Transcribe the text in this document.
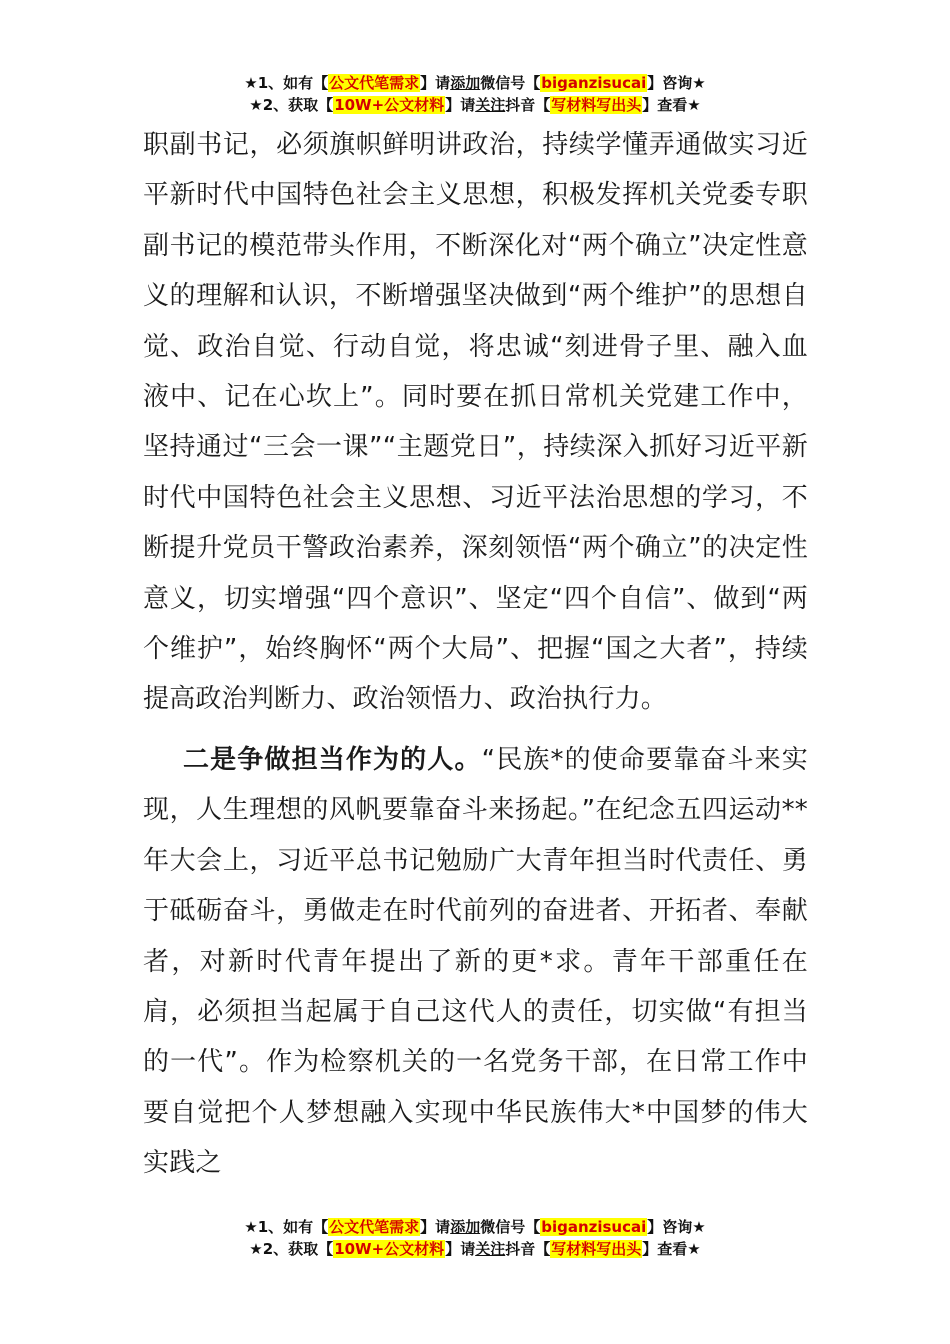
★1、如有【公文代笔需求】请添加微信号【biganzisucai】咨询★
★2、获取【10W+公文材料】请关注抖音【写材料写出头】查看★

职副书记，必须旗帜鲜明讲政治，持续学懂弄通做实习近平新时代中国特色社会主义思想，积极发挥机关党委专职副书记的模范带头作用，不断深化对“两个确立”决定性意义的理解和认识，不断增强坚决做到“两个维护”的思想自觉、政治自觉、行动自觉，将忠诚“刻进骨子里、融入血液中、记在心坎上”。同时要在抓日常机关党建工作中，坚持通过“三会一课”“主题党日”，持续深入抓好习近平新时代中国特色社会主义思想、习近平法治思想的学习，不断提升党员干警政治素养，深刻领悟“两个确立”的决定性意义，切实增强“四个意识”、坚定“四个自信”、做到“两个维护”，始终胸怀“两个大局”、把握“国之大者”，持续提高政治判断力、政治领悟力、政治执行力。

二是争做担当作为的人。“民族*的使命要靠奋斗来实现，人生理想的风帆要靠奋斗来扬起。”在纪念五四运动**年大会上，习近平总书记勉励广大青年担当时代责任、勇于砥砺奋斗，勇做走在时代前列的奋进者、开拓者、奉献者，对新时代青年提出了新的更*求。青年干部重任在肩，必须担当起属于自己这代人的责任，切实做“有担当的一代”。作为检察机关的一名党务干部，在日常工作中要自觉把个人梦想融入实现中华民族伟大*中国梦的伟大实践之

★1、如有【公文代笔需求】请添加微信号【biganzisucai】咨询★
★2、获取【10W+公文材料】请关注抖音【写材料写出头】查看★
